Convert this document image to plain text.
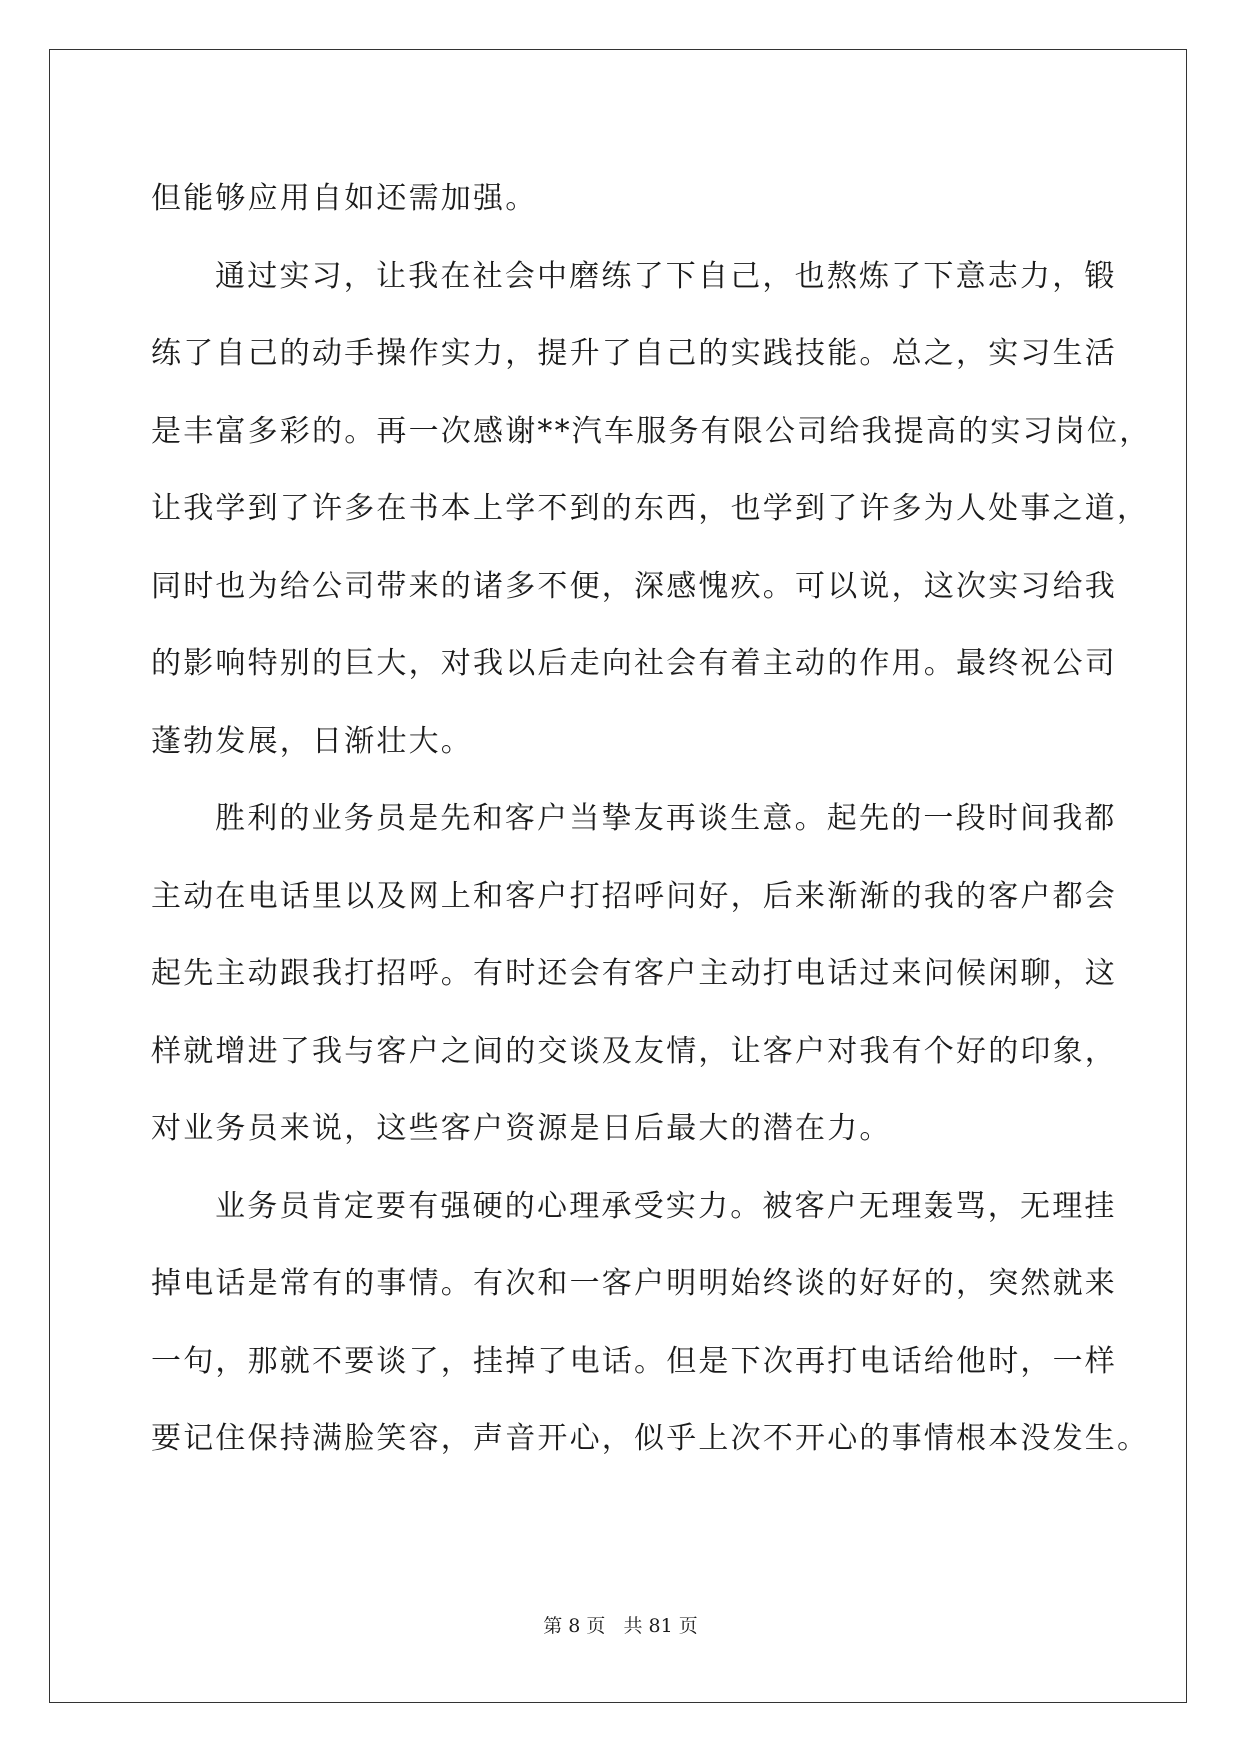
但能够应用自如还需加强。
通过实习，让我在社会中磨练了下自己，也熬炼了下意志力，锻
练了自己的动手操作实力，提升了自己的实践技能。总之，实习生活
是丰富多彩的。再一次感谢**汽车服务有限公司给我提高的实习岗位，
让我学到了许多在书本上学不到的东西，也学到了许多为人处事之道，
同时也为给公司带来的诸多不便，深感愧疚。可以说，这次实习给我
的影响特别的巨大，对我以后走向社会有着主动的作用。最终祝公司
蓬勃发展，日渐壮大。
胜利的业务员是先和客户当挚友再谈生意。起先的一段时间我都
主动在电话里以及网上和客户打招呼问好，后来渐渐的我的客户都会
起先主动跟我打招呼。有时还会有客户主动打电话过来问候闲聊，这
样就增进了我与客户之间的交谈及友情，让客户对我有个好的印象，
对业务员来说，这些客户资源是日后最大的潜在力。
业务员肯定要有强硬的心理承受实力。被客户无理轰骂，无理挂
掉电话是常有的事情。有次和一客户明明始终谈的好好的，突然就来
一句，那就不要谈了，挂掉了电话。但是下次再打电话给他时，一样
要记住保持满脸笑容，声音开心，似乎上次不开心的事情根本没发生。
第 8 页   共 81 页
